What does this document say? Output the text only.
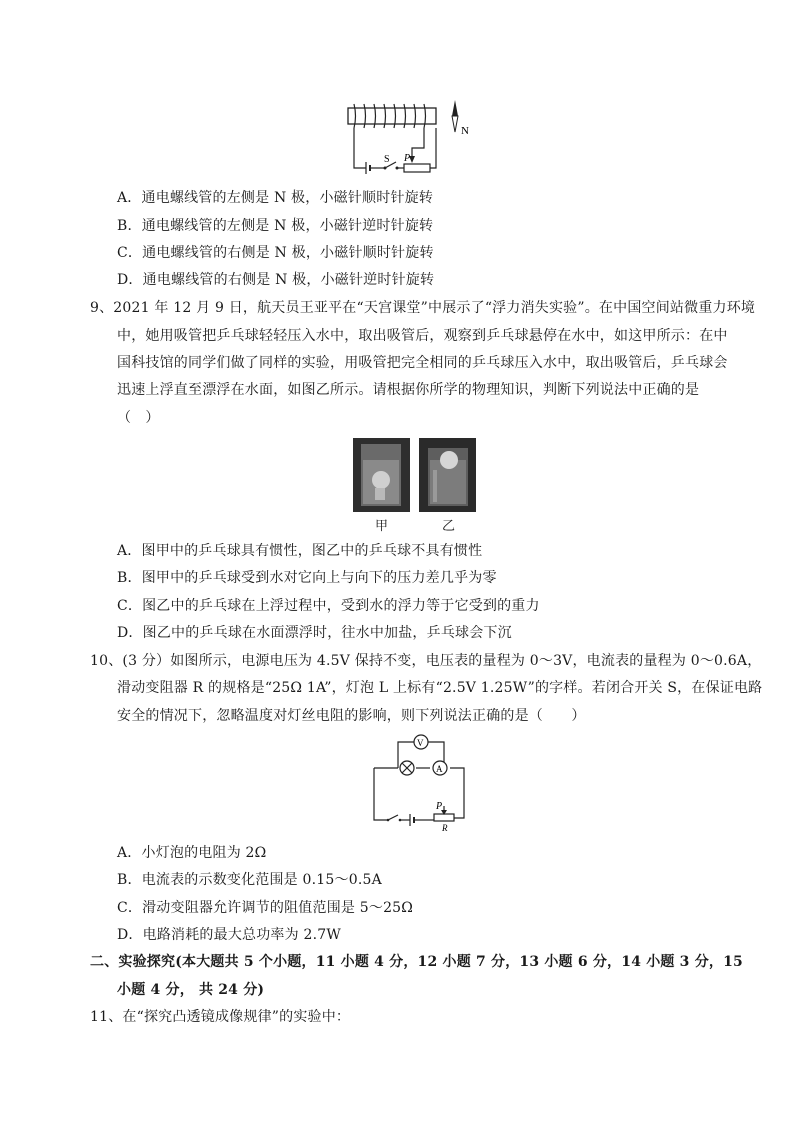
N
S P
A．通电螺线管的左侧是 N 极，小磁针顺时针旋转
B．通电螺线管的左侧是 N 极，小磁针逆时针旋转
C．通电螺线管的右侧是 N 极，小磁针顺时针旋转
D．通电螺线管的右侧是 N 极，小磁针逆时针旋转
9、2021 年 12 月 9 日，航天员王亚平在“天宫课堂”中展示了“浮力消失实验”。在中国空间站微重力环境
中，她用吸管把乒乓球轻轻压入水中，取出吸管后，观察到乒乓球悬停在水中，如这甲所示：在中
国科技馆的同学们做了同样的实验，用吸管把完全相同的乒乓球压入水中，取出吸管后，乒乓球会
迅速上浮直至漂浮在水面，如图乙所示。请根据你所学的物理知识，判断下列说法中正确的是
（　）
甲	乙
A．图甲中的乒乓球具有惯性，图乙中的乒乓球不具有惯性
B．图甲中的乒乓球受到水对它向上与向下的压力差几乎为零
C．图乙中的乒乓球在上浮过程中，受到水的浮力等于它受到的重力
D．图乙中的乒乓球在水面漂浮时，往水中加盐，乒乓球会下沉
10、(3 分）如图所示，电源电压为 4.5V 保持不变，电压表的量程为 0～3V，电流表的量程为 0～0.6A，
滑动变阻器 R 的规格是“25Ω 1A”，灯泡 L 上标有“2.5V 1.25W”的字样。若闭合开关 S，在保证电路
安全的情况下，忽略温度对灯丝电阻的影响，则下列说法正确的是（　　）
V
A
P
R
A．小灯泡的电阻为 2Ω
B．电流表的示数变化范围是 0.15～0.5A
C．滑动变阻器允许调节的阻值范围是 5～25Ω
D．电路消耗的最大总功率为 2.7W
二、实验探究(本大题共 5 个小题，11 小题 4 分，12 小题 7 分，13 小题 6 分，14 小题 3 分，15
小题 4 分， 共 24 分)
11、在“探究凸透镜成像规律”的实验中：
